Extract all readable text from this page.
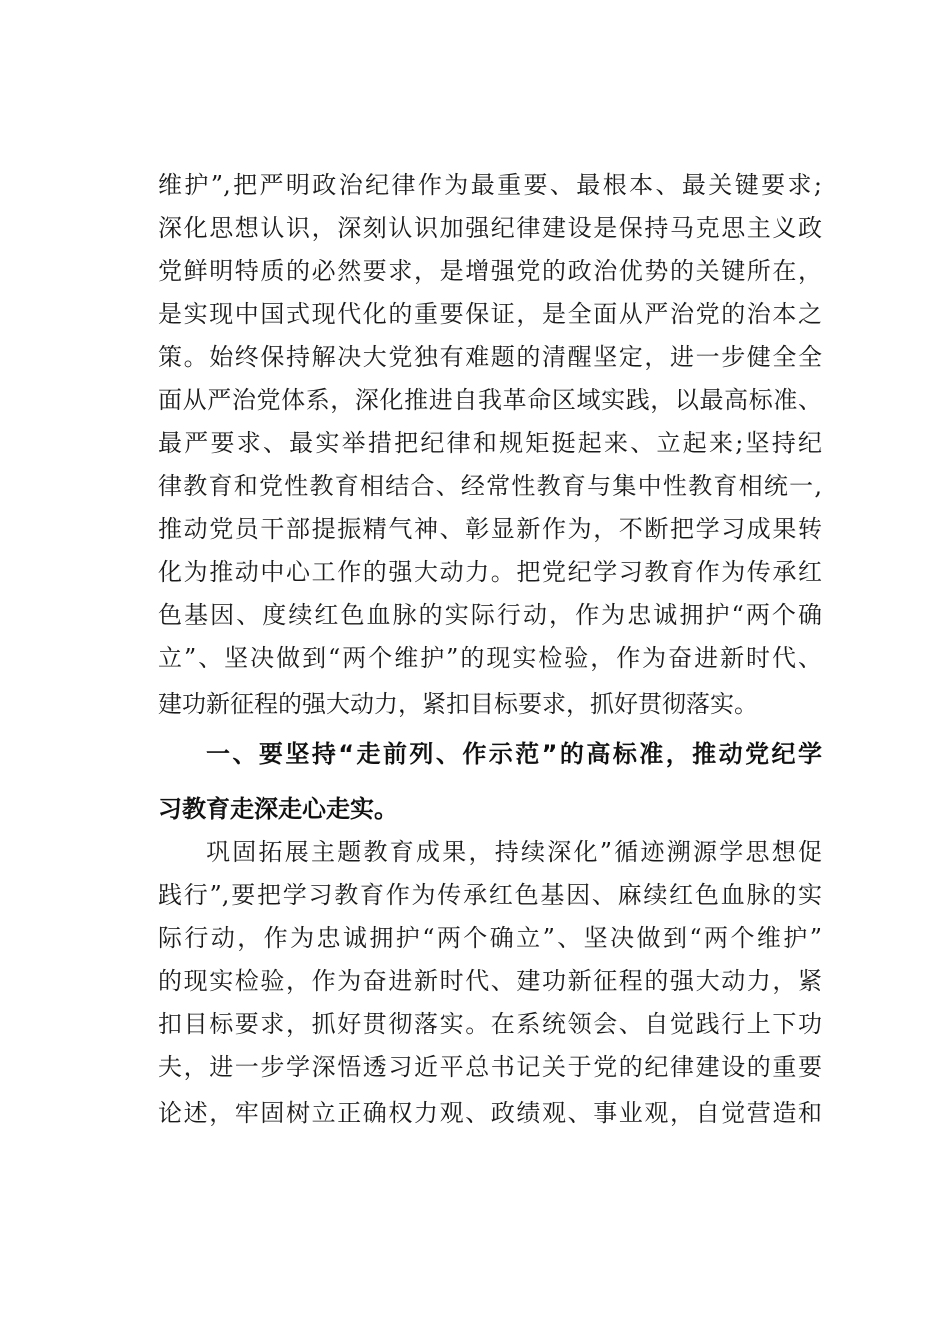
维护”,把严明政治纪律作为最重要、最根本、最关键要求;
深化思想认识，深刻认识加强纪律建设是保持马克思主义政
党鲜明特质的必然要求，是增强党的政治优势的关键所在，
是实现中国式现代化的重要保证，是全面从严治党的治本之
策。始终保持解决大党独有难题的清醒坚定，进一步健全全
面从严治党体系，深化推进自我革命区域实践，以最高标准、
最严要求、最实举措把纪律和规矩挺起来、立起来;坚持纪
律教育和党性教育相结合、经常性教育与集中性教育相统一,
推动党员干部提振精气神、彰显新作为，不断把学习成果转
化为推动中心工作的强大动力。把党纪学习教育作为传承红
色基因、度续红色血脉的实际行动，作为忠诚拥护“两个确
立”、坚决做到“两个维护”的现实检验，作为奋进新时代、
建功新征程的强大动力，紧扣目标要求，抓好贯彻落实。
一、要坚持“走前列、作示范”的高标准，推动党纪学
习教育走深走心走实。
巩固拓展主题教育成果，持续深化”循迹溯源学思想促
践行”,要把学习教育作为传承红色基因、麻续红色血脉的实
际行动，作为忠诚拥护“两个确立”、坚决做到“两个维护”
的现实检验，作为奋进新时代、建功新征程的强大动力，紧
扣目标要求，抓好贯彻落实。在系统领会、自觉践行上下功
夫，进一步学深悟透习近平总书记关于党的纪律建设的重要
论述，牢固树立正确权力观、政绩观、事业观，自觉营造和
